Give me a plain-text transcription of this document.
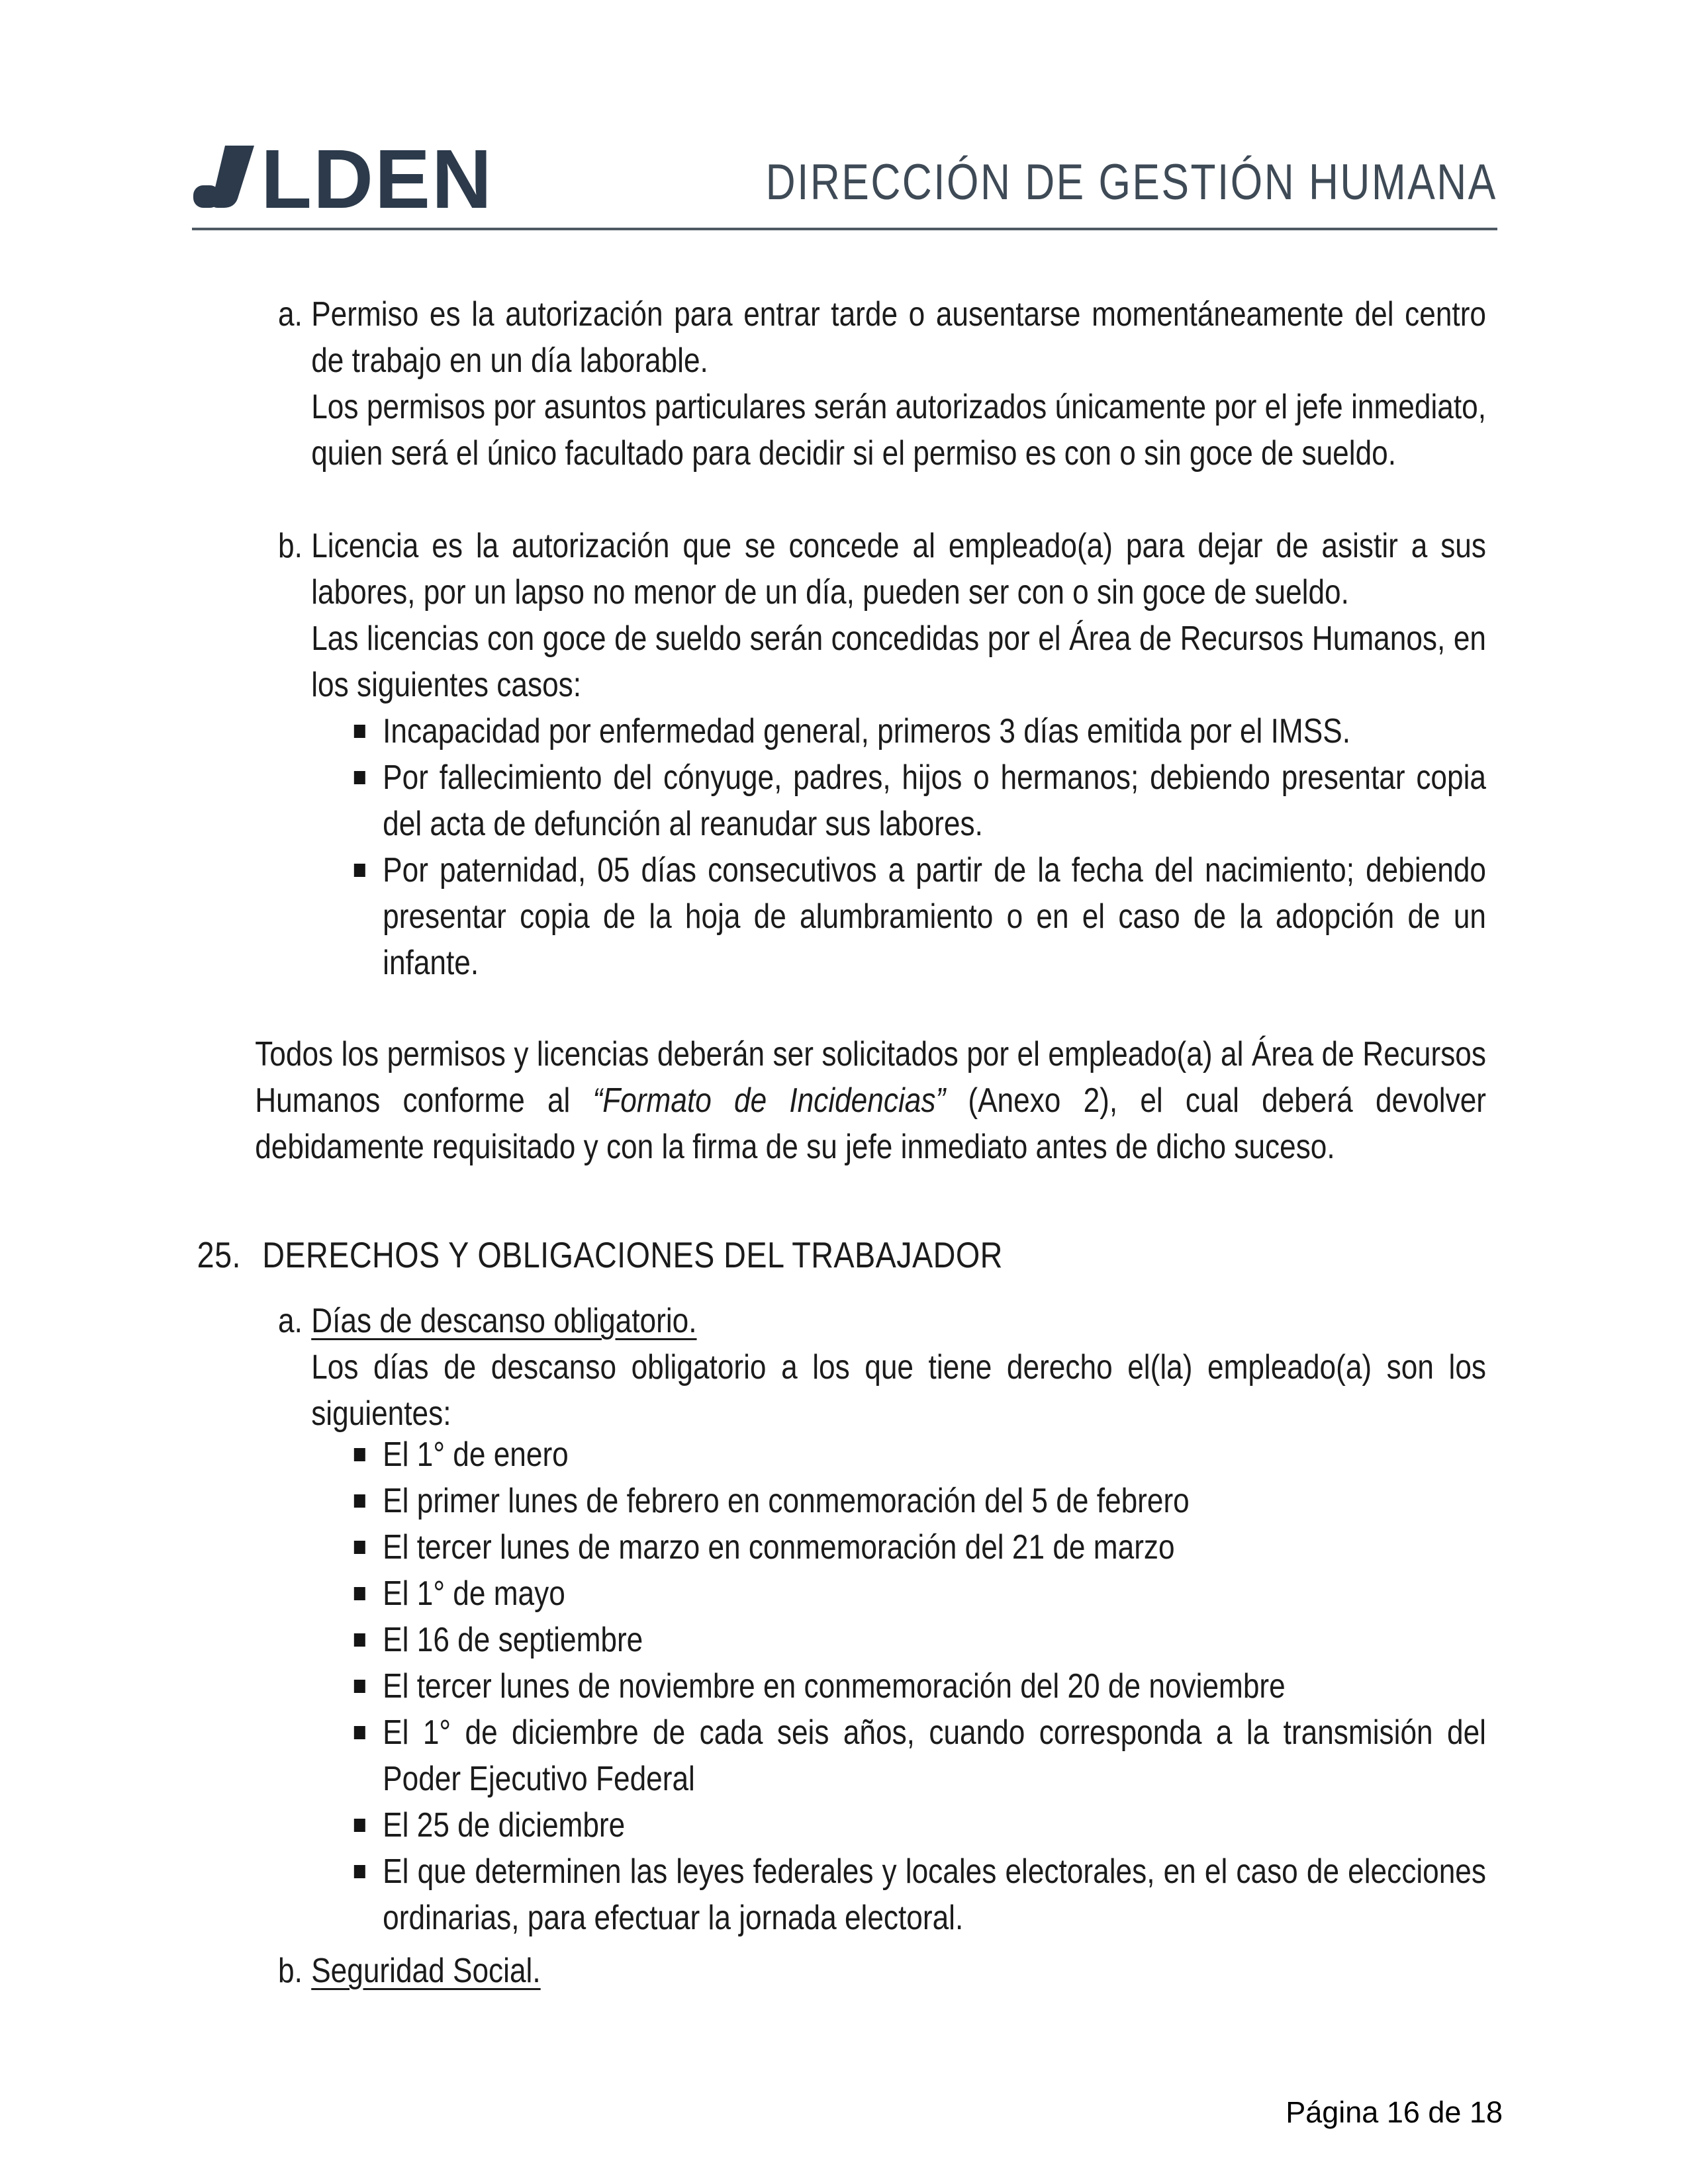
LDEN	DIRECCIÓN DE GESTIÓN HUMANA
a. Permiso es la autorización para entrar tarde o ausentarse momentáneamente del centro de trabajo en un día laborable.

Los permisos por asuntos particulares serán autorizados únicamente por el jefe inmediato, quien será el único facultado para decidir si el permiso es con o sin goce de sueldo.

b. Licencia es la autorización que se concede al empleado(a) para dejar de asistir a sus labores, por un lapso no menor de un día, pueden ser con o sin goce de sueldo.

Las licencias con goce de sueldo serán concedidas por el Área de Recursos Humanos, en los siguientes casos:

Incapacidad por enfermedad general, primeros 3 días emitida por el IMSS.
Por fallecimiento del cónyuge, padres, hijos o hermanos; debiendo presentar copia del acta de defunción al reanudar sus labores.
Por paternidad, 05 días consecutivos a partir de la fecha del nacimiento; debiendo presentar copia de la hoja de alumbramiento o en el caso de la adopción de un infante.

Todos los permisos y licencias deberán ser solicitados por el empleado(a) al Área de Recursos Humanos conforme al “Formato de Incidencias” (Anexo 2), el cual deberá devolver debidamente requisitado y con la firma de su jefe inmediato antes de dicho suceso.

25. DERECHOS Y OBLIGACIONES DEL TRABAJADOR
a. Días de descanso obligatorio.
Los días de descanso obligatorio a los que tiene derecho el(la) empleado(a) son los siguientes:
El 1° de enero
El primer lunes de febrero en conmemoración del 5 de febrero
El tercer lunes de marzo en conmemoración del 21 de marzo
El 1° de mayo
El 16 de septiembre
El tercer lunes de noviembre en conmemoración del 20 de noviembre
El 1° de diciembre de cada seis años, cuando corresponda a la transmisión del Poder Ejecutivo Federal
El 25 de diciembre
El que determinen las leyes federales y locales electorales, en el caso de elecciones ordinarias, para efectuar la jornada electoral.
b. Seguridad Social.
Página 16 de 18
